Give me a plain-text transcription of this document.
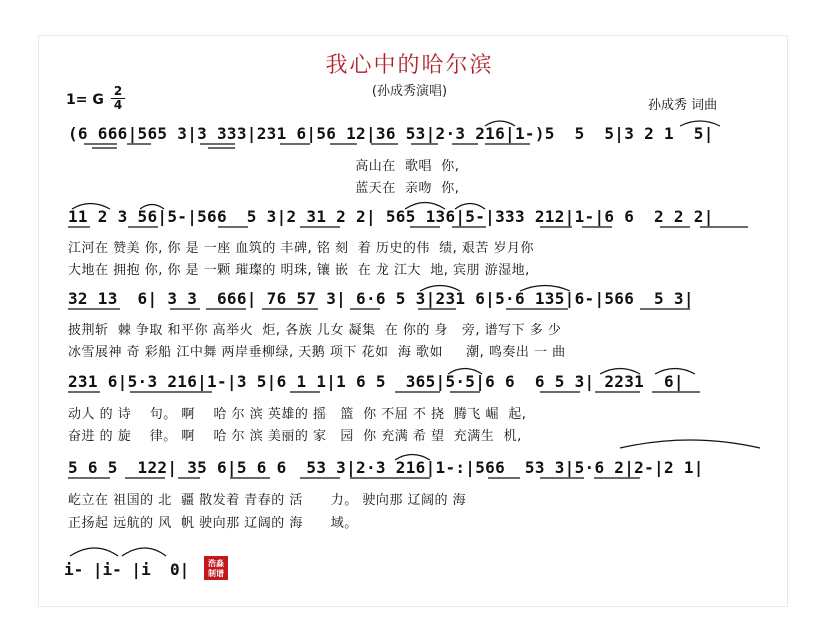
我心中的哈尔滨
(孙成秀演唱)
1= G
2
4	孙成秀 词曲
(6 666|565 3|3 333|231 6|56 12|36 53|2·3 216|1-)5  5  5|3 2 1  5|
高山在  歌唱  你,
蓝天在  亲吻  你,
11 2 3 56|5-|566  5 3|2 31 2 2| 565 136|5-|333 212|1-|6 6  2 2 2|
江河在 赞美 你, 你 是 一座 血筑的 丰碑, 铭 刻  着 历史的伟  绩, 艰苦 岁月你
大地在 拥抱 你, 你 是 一颗 璀璨的 明珠, 镶 嵌  在 龙 江大  地, 宾朋 游湿地,
32 13  6| 3 3  666| 76 57 3| 6·6 5 3|231 6|5·6 135|6-|566  5 3|
披荆斩  棘 争取 和平你 高举火  炬, 各族 儿女 凝集  在 你的 身   旁, 谱写下 多 少
冰雪展神 奇 彩船 江中舞 两岸垂柳绿, 天鹅 项下 花如  海 歌如     潮, 鸣奏出 一 曲
231 6|5·3 216|1-|3 5|6 1 1|1 6 5  365|5·5|6 6  6 5 3| 2231  6|
动人 的 诗    句。 啊    哈 尔 滨 英雄的 摇   篮  你 不屈 不 挠  腾飞 崛  起,
奋进 的 旋    律。 啊    哈 尔 滨 美丽的 家   园  你 充满 希 望  充满生  机,
5 6 5  122| 35 6|5 6 6  53 3|2·3 216|1-:|566  53 3|5·6 2|2-|2 1|
屹立在 祖国的 北  疆 散发着 青春的 活      力。 驶向那 辽阔的 海
正扬起 远航的 风  帆 驶向那 辽阔的 海      域。
i- |i- |i  0| 浩淼
制谱
